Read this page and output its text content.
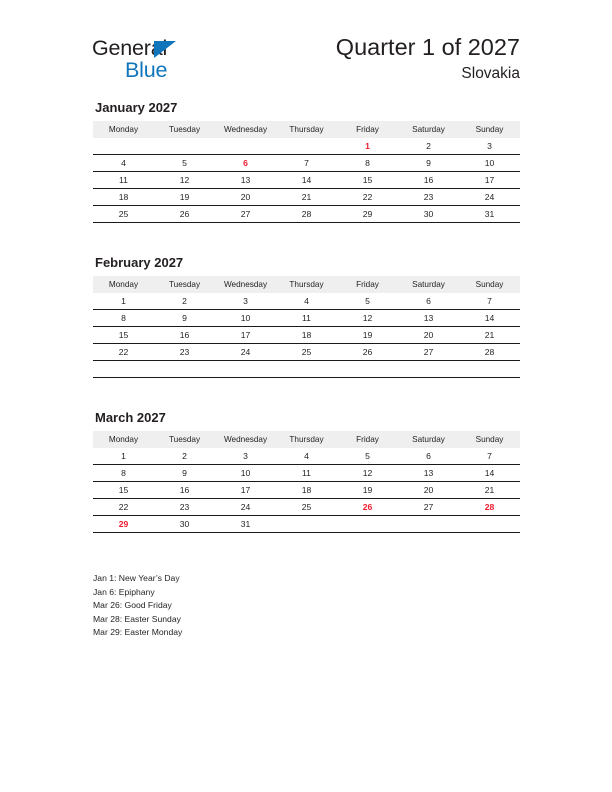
General
Blue
Quarter 1 of 2027
Slovakia
January 2027
Monday	Tuesday	Wednesday	Thursday	Friday	Saturday	Sunday
				1	2	3
4	5	6	7	8	9	10
11	12	13	14	15	16	17
18	19	20	21	22	23	24
25	26	27	28	29	30	31
February 2027
Monday	Tuesday	Wednesday	Thursday	Friday	Saturday	Sunday
1	2	3	4	5	6	7
8	9	10	11	12	13	14
15	16	17	18	19	20	21
22	23	24	25	26	27	28

March 2027
Monday	Tuesday	Wednesday	Thursday	Friday	Saturday	Sunday
1	2	3	4	5	6	7
8	9	10	11	12	13	14
15	16	17	18	19	20	21
22	23	24	25	26	27	28
29	30	31				
Jan 1: New Year’s Day
Jan 6: Epiphany
Mar 26: Good Friday
Mar 28: Easter Sunday
Mar 29: Easter Monday
